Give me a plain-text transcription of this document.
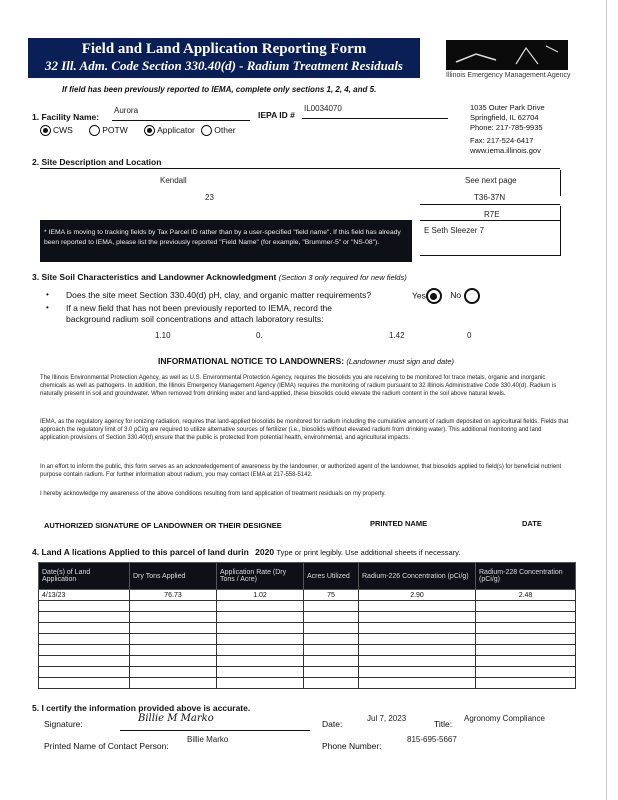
Field and Land Application Reporting Form
32 Ill. Adm. Code Section 330.40(d) - Radium Treatment Residuals
Illinois Emergency Management Agency
If field has been previously reported to IEMA, complete only sections 1, 2, 4, and 5.
1035 Outer Park Drive
Springfield, IL 62704
Phone: 217-785-9935
Fax: 217-524-6417
www.iema.illinois.gov
1. Facility Name:
Aurora	IEPA ID #
IL0034070
CWS	POTW	Applicator Other
2. Site Description and Location
Kendall
23
See next page
T36-37N
R7E
E Seth Sleezer 7
* IEMA is moving to tracking fields by Tax Parcel ID rather than by a user-specified "field name". If this field has already been reported to IEMA, please list the previously reported "Field Name" (for example, "Brummer-5" or "NS-08").
3. Site Soil Characteristics and Landowner Acknowledgment (Section 3 only required for new fields)
• Does the site meet Section 330.40(d) pH, clay, and organic matter requirements?	Yes	No
• If a new field that has not been previously reported to IEMA, record the
background radium soil concentrations and attach laboratory results:
1.10	0.	1.42	0
INFORMATIONAL NOTICE TO LANDOWNERS: (Landowner must sign and date)
The Illinois Environmental Protection Agency, as well as U.S. Environmental Protection Agency, requires the biosolids you are receiving to be monitored for trace metals, organic and inorganic chemicals as well as pathogens. In addition, the Illinois Emergency Management Agency (IEMA) requires the monitoring of radium pursuant to 32 Illinois Administrative Code 330.40(d). Radium is naturally present in soil and groundwater. When removed from drinking water and land-applied, these biosolids could elevate the radium content in the soil above natural levels.
IEMA, as the regulatory agency for ionizing radiation, requires that land-applied biosolids be monitored for radium including the cumulative amount of radium deposited on agricultural fields. Fields that approach the regulatory limit of 3.0 pCi/g are required to utilize alternative sources of fertilizer (i.e., biosolids without elevated radium from drinking water). This additional monitoring and land application provisions of Section 330.40(d) ensure that the public is protected from potential health, environmental, and agricultural impacts.
In an effort to inform the public, this form serves as an acknowledgement of awareness by the landowner, or authorized agent of the landowner, that biosolids applied to field(s) for beneficial nutrient purpose contain radium. For further information about radium, you may contact IEMA at 217-558-5142.
I hereby acknowledge my awareness of the above conditions resulting from land application of treatment residuals on my property.
AUTHORIZED SIGNATURE OF LANDOWNER OR THEIR DESIGNEE	PRINTED NAME	DATE
4. Land A lications Applied to this parcel of land durin 2020 Type or print legibly. Use additional sheets if necessary.
Date(s) of Land Application	Dry Tons Applied	Application Rate (Dry Tons / Acre)	Acres Utilized	Radium-226 Concentration (pCi/g)	Radium-228 Concentration (pCi/g)
4/13/23	76.73	1.02	75	2.90	2.48

5. I certify the information provided above is accurate.
Signature:	Billie M Marko	Date:
Jul 7, 2023
Title:
Agronomy Compliance
Printed Name of Contact Person:
Billie Marko
Phone Number:
815-695-5667
